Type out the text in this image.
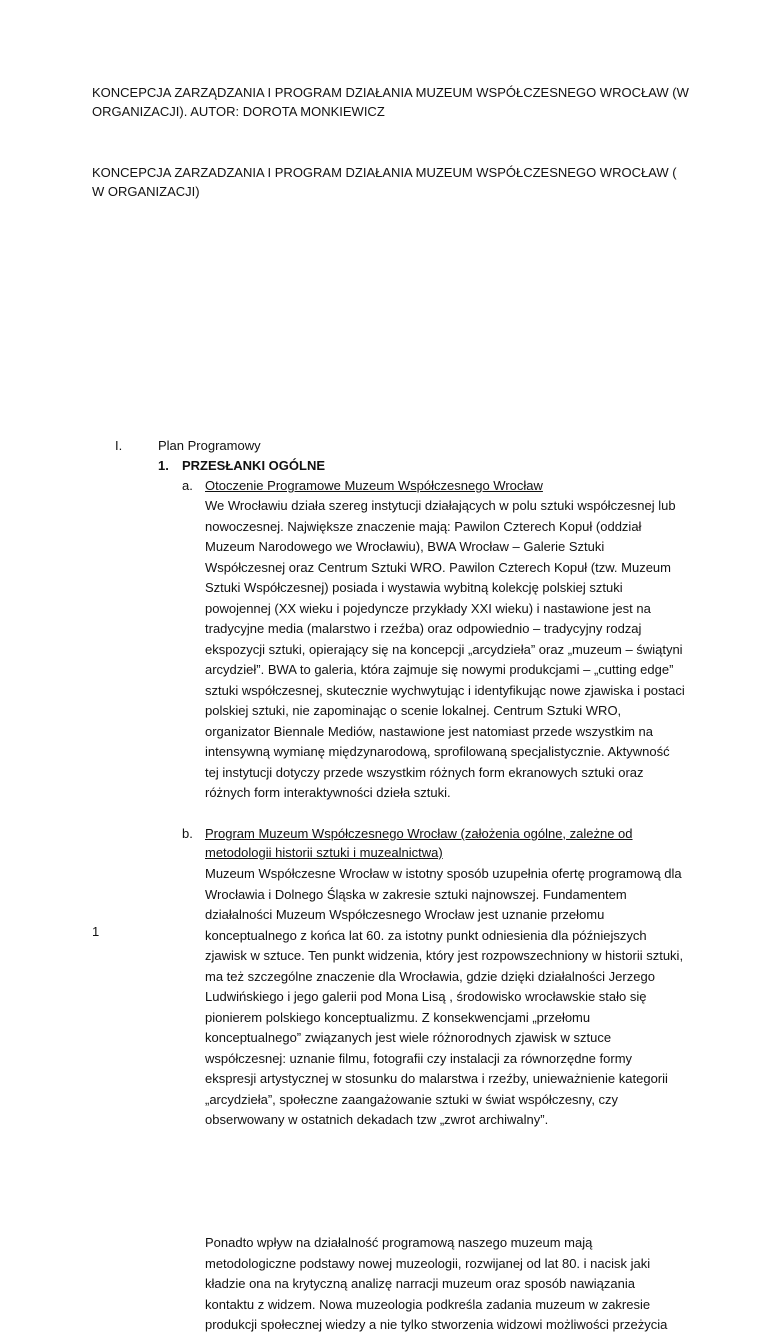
KONCEPCJA ZARZĄDZANIA I PROGRAM DZIAŁANIA MUZEUM WSPÓŁCZESNEGO WROCŁAW (W ORGANIZACJI). AUTOR: DOROTA MONKIEWICZ
KONCEPCJA ZARZADZANIA I PROGRAM DZIAŁANIA MUZEUM WSPÓŁCZESNEGO WROCŁAW ( W ORGANIZACJI)
I.	Plan Programowy
1. PRZESŁANKI OGÓLNE
a. Otoczenie Programowe Muzeum Współczesnego Wrocław
We Wrocławiu działa szereg instytucji działających w polu sztuki współczesnej lub nowoczesnej. Największe znaczenie mają: Pawilon Czterech Kopuł (oddział Muzeum Narodowego we Wrocławiu), BWA Wrocław – Galerie Sztuki Współczesnej oraz Centrum Sztuki WRO. Pawilon Czterech Kopuł (tzw. Muzeum Sztuki Współczesnej) posiada i wystawia wybitną kolekcję polskiej sztuki powojennej (XX wieku i pojedyncze przykłady XXI wieku) i nastawione jest na tradycyjne media (malarstwo i rzeźba) oraz odpowiednio – tradycyjny rodzaj ekspozycji sztuki, opierający się na koncepcji „arcydzieła” oraz „muzeum – świątyni arcydzieł”. BWA to galeria, która zajmuje się nowymi produkcjami – „cutting edge” sztuki współczesnej, skutecznie wychwytując i identyfikując nowe zjawiska i postaci polskiej sztuki, nie zapominając o scenie lokalnej. Centrum Sztuki WRO, organizator Biennale Mediów, nastawione jest natomiast przede wszystkim na intensywną wymianę międzynarodową, sprofilowaną specjalistycznie. Aktywność tej instytucji dotyczy przede wszystkim różnych form ekranowych sztuki oraz różnych form interaktywności dzieła sztuki.
b. Program Muzeum Współczesnego Wrocław (założenia ogólne, zależne od metodologii historii sztuki i muzealnictwa)
Muzeum Współczesne Wrocław w istotny sposób uzupełnia ofertę programową dla Wrocławia i Dolnego Śląska w zakresie sztuki najnowszej. Fundamentem działalności Muzeum Współczesnego Wrocław jest uznanie przełomu konceptualnego z końca lat 60. za istotny punkt odniesienia dla późniejszych zjawisk w sztuce. Ten punkt widzenia, który jest rozpowszechniony w historii sztuki, ma też szczególne znaczenie dla Wrocławia, gdzie dzięki działalności Jerzego Ludwińskiego i jego galerii pod Mona Lisą , środowisko wrocławskie stało się pionierem polskiego konceptualizmu. Z konsekwencjami „przełomu konceptualnego” związanych jest wiele różnorodnych zjawisk w sztuce współczesnej: uznanie filmu, fotografii czy instalacji za równorzędne formy ekspresji artystycznej w stosunku do malarstwa i rzeźby, unieważnienie kategorii „arcydzieła”, społeczne zaangażowanie sztuki w świat współczesny, czy obserwowany w ostatnich dekadach tzw „zwrot archiwalny”.
Ponadto wpływ na działalność programową naszego muzeum mają metodologiczne podstawy nowej muzeologii, rozwijanej od lat 80. i nacisk jaki kładzie ona na krytyczną analizę narracji muzeum oraz sposób nawiązania kontaktu z widzem. Nowa muzeologia podkreśla zadania muzeum w zakresie produkcji społecznej wiedzy a nie tylko stworzenia widzowi możliwości przeżycia
1
